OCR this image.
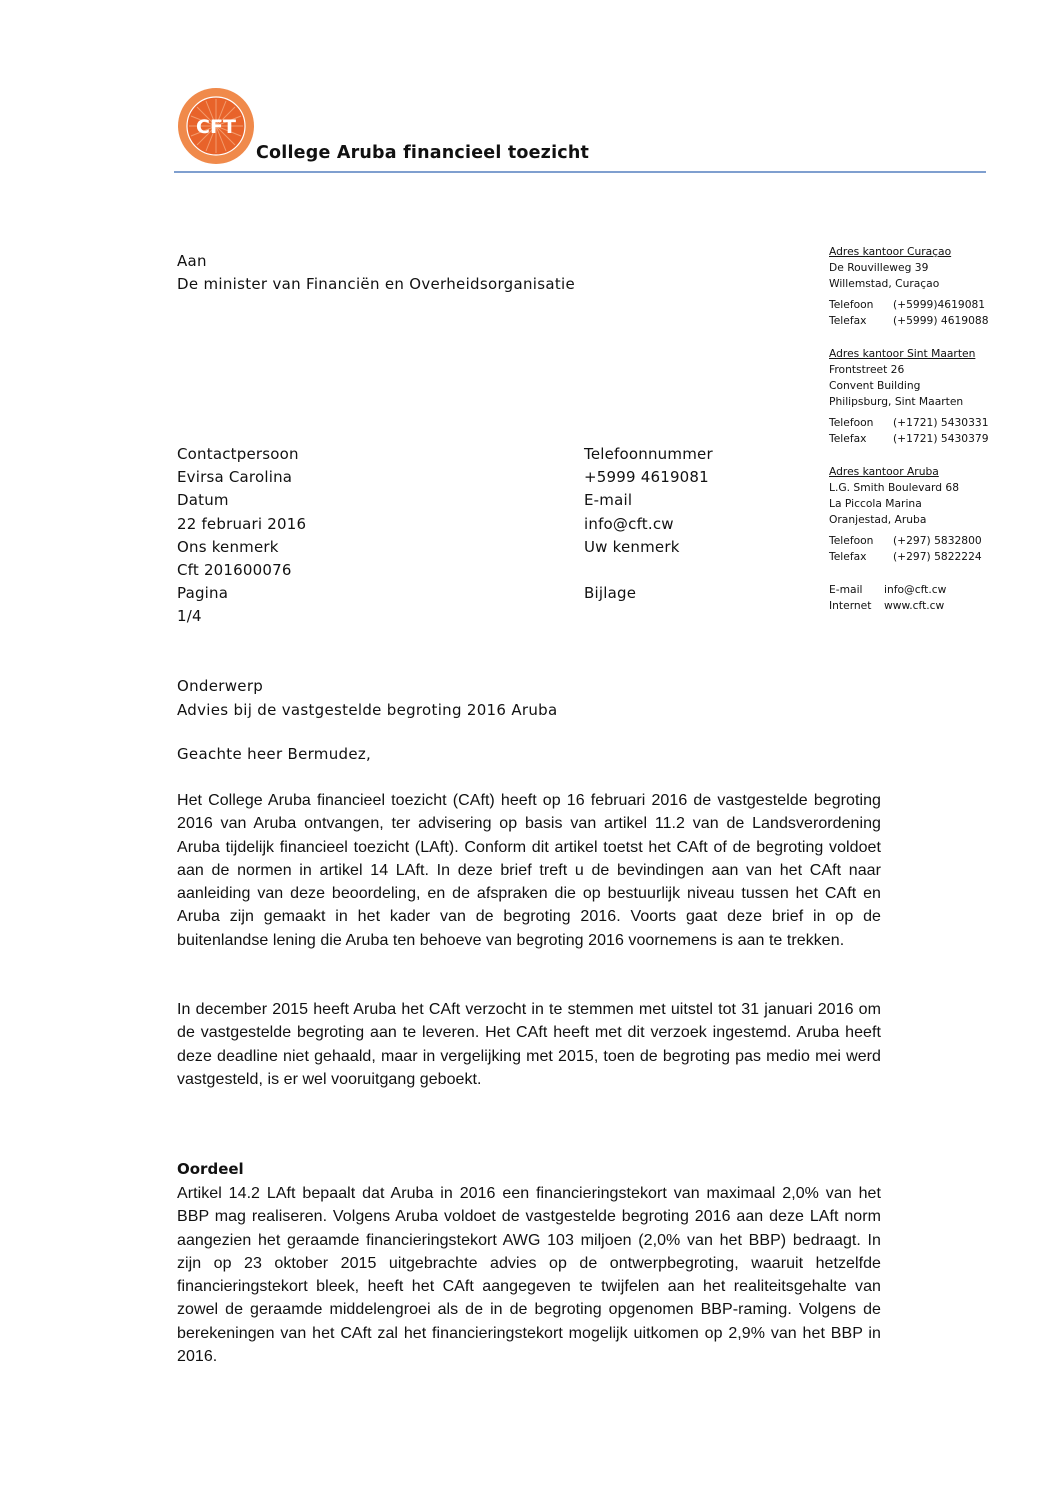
CFT
College Aruba financieel toezicht
Aan
De minister van Financiën en Overheidsorganisatie
Adres kantoor Curaçao
De Rouvilleweg 39
Willemstad, Curaçao
Telefoon	(+5999)4619081
Telefax	(+5999) 4619088
Adres kantoor Sint Maarten
Frontstreet 26
Convent Building
Philipsburg, Sint Maarten
Telefoon	(+1721) 5430331
Telefax	(+1721) 5430379
Adres kantoor Aruba
L.G. Smith Boulevard 68
La Piccola Marina
Oranjestad, Aruba
Telefoon	(+297) 5832800
Telefax	(+297) 5822224
E-mail	info@cft.cw
Internet	www.cft.cw
Contactpersoon
Evirsa Carolina
Datum
22 februari 2016
Ons kenmerk
Cft 201600076
Pagina
1/4
Telefoonnummer
+5999 4619081
E-mail
info@cft.cw
Uw kenmerk

Bijlage
Onderwerp
Advies bij de vastgestelde begroting 2016 Aruba
Geachte heer Bermudez,
Het College Aruba financieel toezicht (CAft) heeft op 16 februari 2016 de vastgestelde begroting 2016 van Aruba ontvangen, ter advisering op basis van artikel 11.2 van de Landsverordening Aruba tijdelijk financieel toezicht (LAft). Conform dit artikel toetst het CAft of de begroting voldoet aan de normen in artikel 14 LAft. In deze brief treft u de bevindingen aan van het CAft naar aanleiding van deze beoordeling, en de afspraken die op bestuurlijk niveau tussen het CAft en Aruba zijn gemaakt in het kader van de begroting 2016. Voorts gaat deze brief in op de buitenlandse lening die Aruba ten behoeve van begroting 2016 voornemens is aan te trekken.
In december 2015 heeft Aruba het CAft verzocht in te stemmen met uitstel tot 31 januari 2016 om de vastgestelde begroting aan te leveren. Het CAft heeft met dit verzoek ingestemd. Aruba heeft deze deadline niet gehaald, maar in vergelijking met 2015, toen de begroting pas medio mei werd vastgesteld, is er wel vooruitgang geboekt.
Oordeel
Artikel 14.2 LAft bepaalt dat Aruba in 2016 een financieringstekort van maximaal 2,0% van het BBP mag realiseren. Volgens Aruba voldoet de vastgestelde begroting 2016 aan deze LAft norm aangezien het geraamde financieringstekort AWG 103 miljoen (2,0% van het BBP) bedraagt. In zijn op 23 oktober 2015 uitgebrachte advies op de ontwerpbegroting, waaruit hetzelfde financieringstekort bleek, heeft het CAft aangegeven te twijfelen aan het realiteitsgehalte van zowel de geraamde middelengroei als de in de begroting opgenomen BBP-raming. Volgens de berekeningen van het CAft zal het financieringstekort mogelijk uitkomen op 2,9% van het BBP in 2016.
